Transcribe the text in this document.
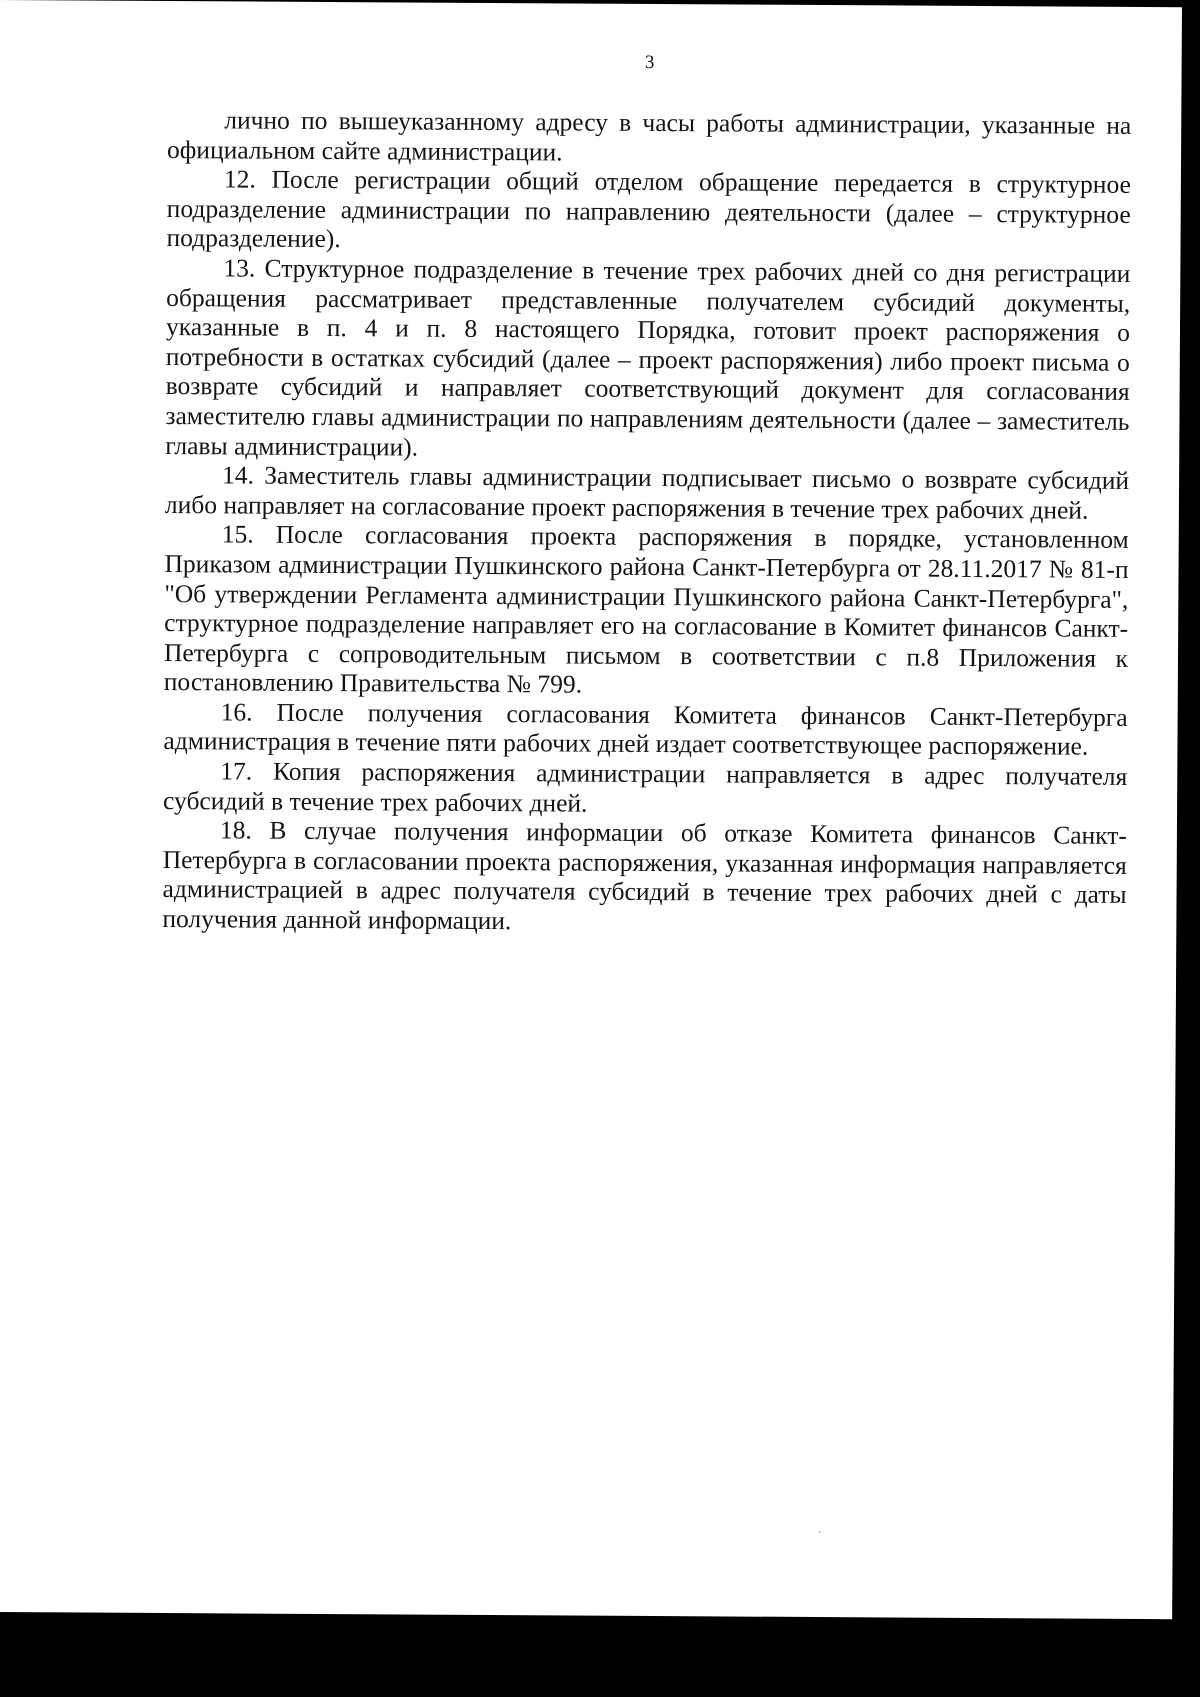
3

лично по вышеуказанному адресу в часы работы администрации, указанные на официальном сайте администрации.

12. После регистрации общий отделом обращение передается в структурное подразделение администрации по направлению деятельности (далее – структурное подразделение).

13. Структурное подразделение в течение трех рабочих дней со дня регистрации обращения рассматривает представленные получателем субсидий документы, указанные в п. 4 и п. 8 настоящего Порядка, готовит проект распоряжения о потребности в остатках субсидий (далее – проект распоряжения) либо проект письма о возврате субсидий и направляет соответствующий документ для согласования заместителю главы администрации по направлениям деятельности (далее – заместитель главы администрации).

14. Заместитель главы администрации подписывает письмо о возврате субсидий либо направляет на согласование проект распоряжения в течение трех рабочих дней.

15. После согласования проекта распоряжения в порядке, установленном Приказом администрации Пушкинского района Санкт-Петербурга от 28.11.2017 № 81-п "Об утверждении Регламента администрации Пушкинского района Санкт-Петербурга", структурное подразделение направляет его на согласование в Комитет финансов Санкт-Петербурга с сопроводительным письмом в соответствии с п.8 Приложения к постановлению Правительства № 799.

16. После получения согласования Комитета финансов Санкт-Петербурга администрация в течение пяти рабочих дней издает соответствующее распоряжение.

17. Копия распоряжения администрации направляется в адрес получателя субсидий в течение трех рабочих дней.

18. В случае получения информации об отказе Комитета финансов Санкт-Петербурга в согласовании проекта распоряжения, указанная информация направляется администрацией в адрес получателя субсидий в течение трех рабочих дней с даты получения данной информации.
